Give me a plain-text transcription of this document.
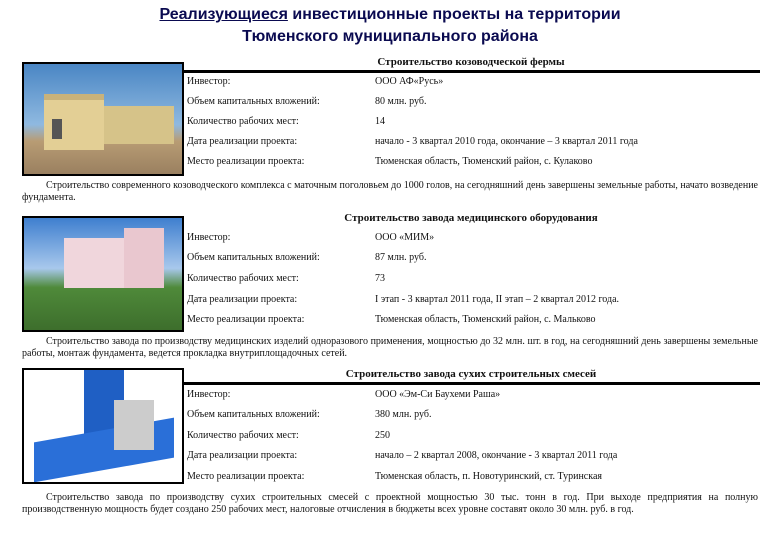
Реализующиеся инвестиционные проекты на территории
Тюменского муниципального района
Строительство козоводческой фермы
Инвестор:	ООО АФ«Русь»
Объем капитальных вложений:	80 млн. руб.
Количество рабочих мест:	14
Дата реализации проекта:	начало - 3 квартал 2010 года, окончание – 3 квартал 2011 года
Место реализации проекта:	Тюменская область, Тюменский район, с. Кулаково
Строительство современного козоводческого комплекса с маточным поголовьем до 1000 голов, на сегодняшний день завершены земельные работы, начато возведение фундамента.
Строительство завода медицинского оборудования
Инвестор:	ООО «МИМ»
Объем капитальных вложений:	87 млн. руб.
Количество рабочих мест:	73
Дата реализации проекта:	I этап - 3 квартал 2011 года, II этап – 2 квартал 2012 года.
Место реализации проекта:	Тюменская область, Тюменский район, с. Мальково
Строительство завода по производству медицинских изделий одноразового применения, мощностью до 32 млн. шт. в год, на сегодняшний день завершены земельные работы, монтаж фундамента, ведется прокладка внутриплощадочных сетей.
Строительство завода сухих строительных смесей
Инвестор:	ООО «Эм-Си Баухеми Раша»
Объем капитальных вложений:	380 млн. руб.
Количество рабочих мест:	250
Дата реализации проекта:	начало – 2 квартал 2008, окончание - 3 квартал 2011 года
Место реализации проекта:	Тюменская область, п. Новотуринский, ст. Туринская
Строительство завода по производству сухих строительных смесей с проектной мощностью 30 тыс. тонн в год. При выходе предприятия на полную производственную мощность будет создано 250 рабочих мест, налоговые отчисления в бюджеты всех уровне составят около 30 млн. руб. в год.
